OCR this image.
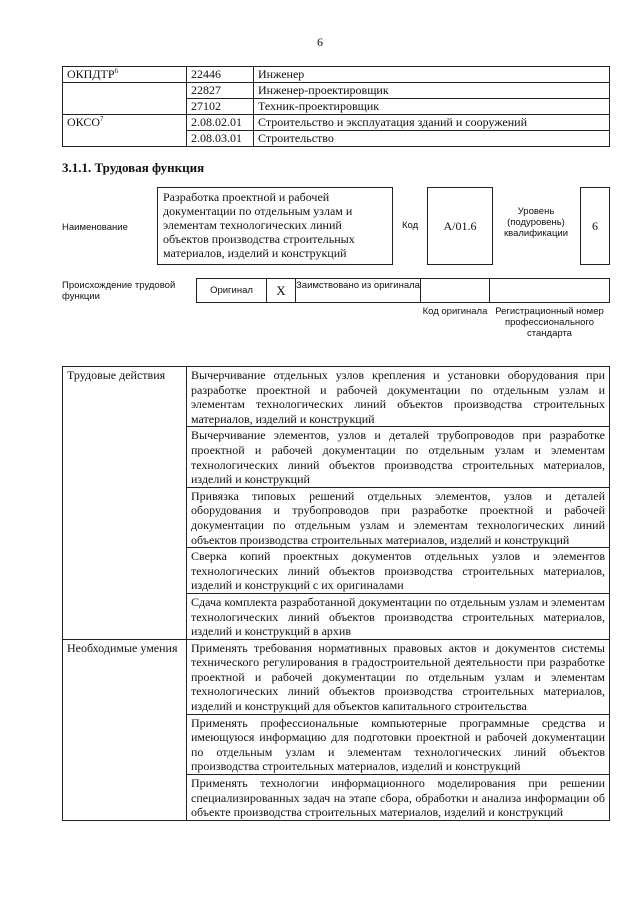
6
ОКПДТР$^6$	22446	Инженер
	22827	Инженер-проектировщик
	27102	Техник-проектировщик
ОКСО$^7$	2.08.02.01	Строительство и эксплуатация зданий и сооружений
	2.08.03.01	Строительство
3.1.1. Трудовая функция
Наименование
Разработка проектной и рабочей документации по отдельным узлам и элементам технологических линий объектов производства строительных материалов, изделий и конструкций
Код	A/01.6
Уровень (подуровень) квалификации
6
Происхождение трудовой функции
Оригинал	X	Заимствовано из оригинала
Код оригинала Регистрационный номер профессионального стандарта
Трудовые действия	Вычерчивание отдельных узлов крепления и установки оборудования при разработке проектной и рабочей документации по отдельным узлам и элементам технологических линий объектов производства строительных материалов, изделий и конструкций
	Вычерчивание элементов, узлов и деталей трубопроводов при разработке проектной и рабочей документации по отдельным узлам и элементам технологических линий объектов производства строительных материалов, изделий и конструкций
	Привязка типовых решений отдельных элементов, узлов и деталей оборудования и трубопроводов при разработке проектной и рабочей документации по отдельным узлам и элементам технологических линий объектов производства строительных материалов, изделий и конструкций
	Сверка копий проектных документов отдельных узлов и элементов технологических линий объектов производства строительных материалов, изделий и конструкций с их оригиналами
	Сдача комплекта разработанной документации по отдельным узлам и элементам технологических линий объектов производства строительных материалов, изделий и конструкций в архив
Необходимые умения	Применять требования нормативных правовых актов и документов системы технического регулирования в градостроительной деятельности при разработке проектной и рабочей документации по отдельным узлам и элементам технологических линий объектов производства строительных материалов, изделий и конструкций для объектов капитального строительства
	Применять профессиональные компьютерные программные средства и имеющуюся информацию для подготовки проектной и рабочей документации по отдельным узлам и элементам технологических линий объектов производства строительных материалов, изделий и конструкций
	Применять технологии информационного моделирования при решении специализированных задач на этапе сбора, обработки и анализа информации об объекте производства строительных материалов, изделий и конструкций
